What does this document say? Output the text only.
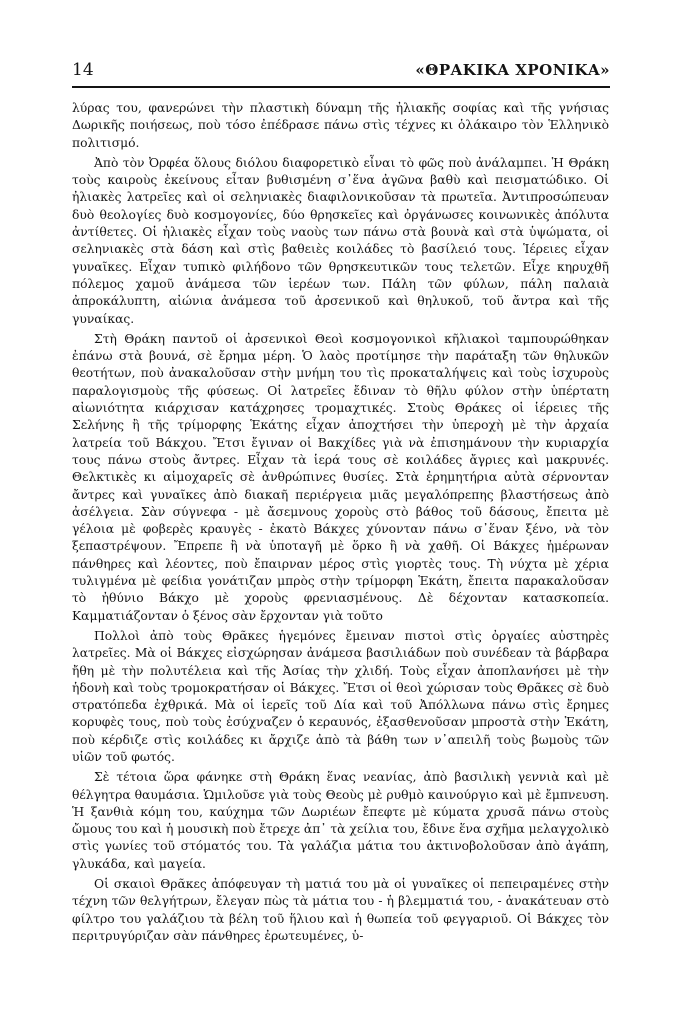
14	«ΘΡΑΚΙΚΑ ΧΡΟΝΙΚΑ»

λύρας του, φανερώνει τὴν πλαστικὴ δύναμη τῆς ἠλιακῆς σοφίας καὶ τῆς γνήσιας Δωρικῆς ποιήσεως, ποὺ τόσο ἐπέδρασε πάνω στὶς τέχνες κι ὁλάκαιρο τὸν Ἑλληνικὸ πολιτισμό.

Ἀπὸ τὸν Ὀρφέα ὅλους διόλου διαφορετικὸ εἶναι τὸ φῶς ποὺ ἀνάλαμπει. Ἡ Θράκη τοὺς καιροὺς ἐκείνους εἶταν βυθισμένη σ᾿ἕνα ἀγῶνα βαθὺ καὶ πεισματώδικο. Οἱ ἠλιακὲς λατρεῖες καὶ οἱ σεληνιακὲς διαφιλονικοῦσαν τὰ πρωτεῖα. Ἀντιπροσώπευαν δυὸ θεολογίες δυὸ κοσμογονίες, δύο θρησκεῖες καὶ ὀργάνωσες κοινωνικὲς ἀπόλυτα ἀντίθετες. Οἱ ἠλιακὲς εἶχαν τοὺς ναοὺς των πάνω στὰ βουνὰ καὶ στὰ ὑψώματα, οἱ σεληνιακὲς στὰ δάση καὶ στὶς βαθειὲς κοιλάδες τὸ βασίλειό τους. Ἱέρειες εἶχαν γυναῖκες. Εἶχαν τυπικὸ φιλήδονο τῶν θρησκευτικῶν τους τελετῶν. Εἶχε κηρυχθῆ πόλεμος χαμοῦ ἀνάμεσα τῶν ἱερέων των. Πάλη τῶν φύλων, πάλη παλαιὰ ἀπροκάλυπτη, αἰώνια ἀνάμεσα τοῦ ἀρσενικοῦ καὶ θηλυκοῦ, τοῦ ἄντρα καὶ τῆς γυναίκας.

Στὴ Θράκη παντοῦ οἱ ἀρσενικοὶ Θεοὶ κοσμογονικοὶ κῆλιακοὶ ταμπουρώθηκαν ἐπάνω στὰ βουνά, σὲ ἔρημα μέρη. Ὁ λαὸς προτίμησε τὴν παράταξη τῶν θηλυκῶν θεοτήτων, ποὺ ἀνακαλοῦσαν στὴν μνήμη του τὶς προκαταλήψεις καὶ τοὺς ἰσχυροὺς παραλογισμοὺς τῆς φύσεως. Οἱ λατρεῖες ἔδιναν τὸ θῆλυ φύλον στὴν ὑπέρτατη αἰωνιότητα κιάρχισαν κατάχρησες τρομαχτικές. Στοὺς Θράκες οἱ ἱέρειες τῆς Σελήνης ἢ τῆς τρίμορφης Ἑκάτης εἶχαν ἀποχτήσει τὴν ὑπεροχὴ μὲ τὴν ἀρχαία λατρεία τοῦ Βάκχου. Ἔτσι ἔγιναν οἱ Βακχίδες γιὰ νὰ ἐπισημάνουν τὴν κυριαρχία τους πάνω στοὺς ἄντρες. Εἶχαν τὰ ἱερά τους σὲ κοιλάδες ἄγριες καὶ μακρυνές. Θελκτικὲς κι αἱμοχαρεῖς σὲ ἀνθρώπινες θυσίες. Στὰ ἐρημητήρια αὐτὰ σέρνονταν ἄντρες καὶ γυναῖκες ἀπὸ διακαῆ περιέργεια μιᾶς μεγαλόπρεπης βλαστήσεως ἀπὸ ἀσέλγεια. Σὰν σύγνεφα - μὲ ἄσεμνους χοροὺς στὸ βάθος τοῦ δάσους, ἔπειτα μὲ γέλοια μὲ φοβερὲς κραυγὲς - ἐκατὸ Βάκχες χύνονταν πάνω σ᾿ἕναν ξένο, νὰ τὸν ξεπαστρέψουν. Ἔπρεπε ἢ νὰ ὑποταγῆ μὲ ὅρκο ἢ νὰ χαθῆ. Οἱ Βάκχες ἡμέρωναν πάνθηρες καὶ λέοντες, ποὺ ἔπαιρναν μέρος στὶς γιορτὲς τους. Τὴ νύχτα μὲ χέρια τυλιγμένα μὲ φείδια γονάτιζαν μπρὸς στὴν τρίμορφη Ἑκάτη, ἔπειτα παρακαλοῦσαν τὸ ἠθύνιο Βάκχο μὲ χοροὺς φρενιασμένους. Δὲ δέχονταν κατασκοπεία. Καμματιάζονταν ὁ ξένος σὰν ἔρχονταν γιὰ τοῦτο

Πολλοὶ ἀπὸ τοὺς Θρᾶκες ἡγεμόνες ἔμειναν πιστοὶ στὶς ὀργαίες αὐστηρὲς λατρεῖες. Μὰ οἱ Βάκχες εἰσχώρησαν ἀνάμεσα βασιλιάδων ποὺ συνέδεαν τὰ βάρβαρα ἤθη μὲ τὴν πολυτέλεια καὶ τῆς Ἀσίας τὴν χλιδή. Τοὺς εἶχαν ἀποπλανήσει μὲ τὴν ἡδονὴ καὶ τοὺς τρομοκρατήσαν οἱ Βάκχες. Ἔτσι οἱ θεοὶ χώρισαν τοὺς Θρᾶκες σὲ δυὸ στρατόπεδα ἐχθρικά. Μὰ οἱ ἱερεῖς τοῦ Δία καὶ τοῦ Ἀπόλλωνα πάνω στὶς ἔρημες κορυφὲς τους, ποὺ τοὺς ἐσύχναζεν ὁ κεραυνός, ἐξασθενοῦσαν μπροστὰ στὴν Ἑκάτη, ποὺ κέρδιζε στὶς κοιλάδες κι ἄρχιζε ἀπὸ τὰ βάθη των ν᾿απειλῆ τοὺς βωμοὺς τῶν υἱῶν τοῦ φωτός.

Σὲ τέτοια ὥρα φάνηκε στὴ Θράκη ἕνας νεανίας, ἀπὸ βασιλικὴ γεννιὰ καὶ μὲ θέλγητρα θαυμάσια. Ὡμιλοῦσε γιὰ τοὺς Θεοὺς μὲ ρυθμὸ καινούργιο καὶ μὲ ἔμπνευση. Ἡ ξανθιὰ κόμη του, καύχημα τῶν Δωριέων ἔπεφτε μὲ κύματα χρυσᾶ πάνω στοὺς ὤμους του καὶ ἡ μουσικὴ ποὺ ἔτρεχε ἀπ᾿ τὰ χείλια του, ἔδινε ἕνα σχῆμα μελαγχολικὸ στὶς γωνίες τοῦ στόματός του. Τὰ γαλάζια μάτια του ἀκτινοβολοῦσαν ἀπὸ ἀγάπη, γλυκάδα, καὶ μαγεία.

Οἱ σκαιοὶ Θρᾶκες ἀπόφευγαν τὴ ματιά του μὰ οἱ γυναῖκες οἱ πεπειραμένες στὴν τέχνη τῶν θελγήτρων, ἔλεγαν πὼς τὰ μάτια του - ἡ βλεμματιά του, - ἀνακάτευαν στὸ φίλτρο του γαλάζιου τὰ βέλη τοῦ ἥλιου καὶ ἡ θωπεία τοῦ φεγγαριοῦ. Οἱ Βάκχες τὸν περιτρυγύριζαν σὰν πάνθηρες ἐρωτευμένες, ὑ-
